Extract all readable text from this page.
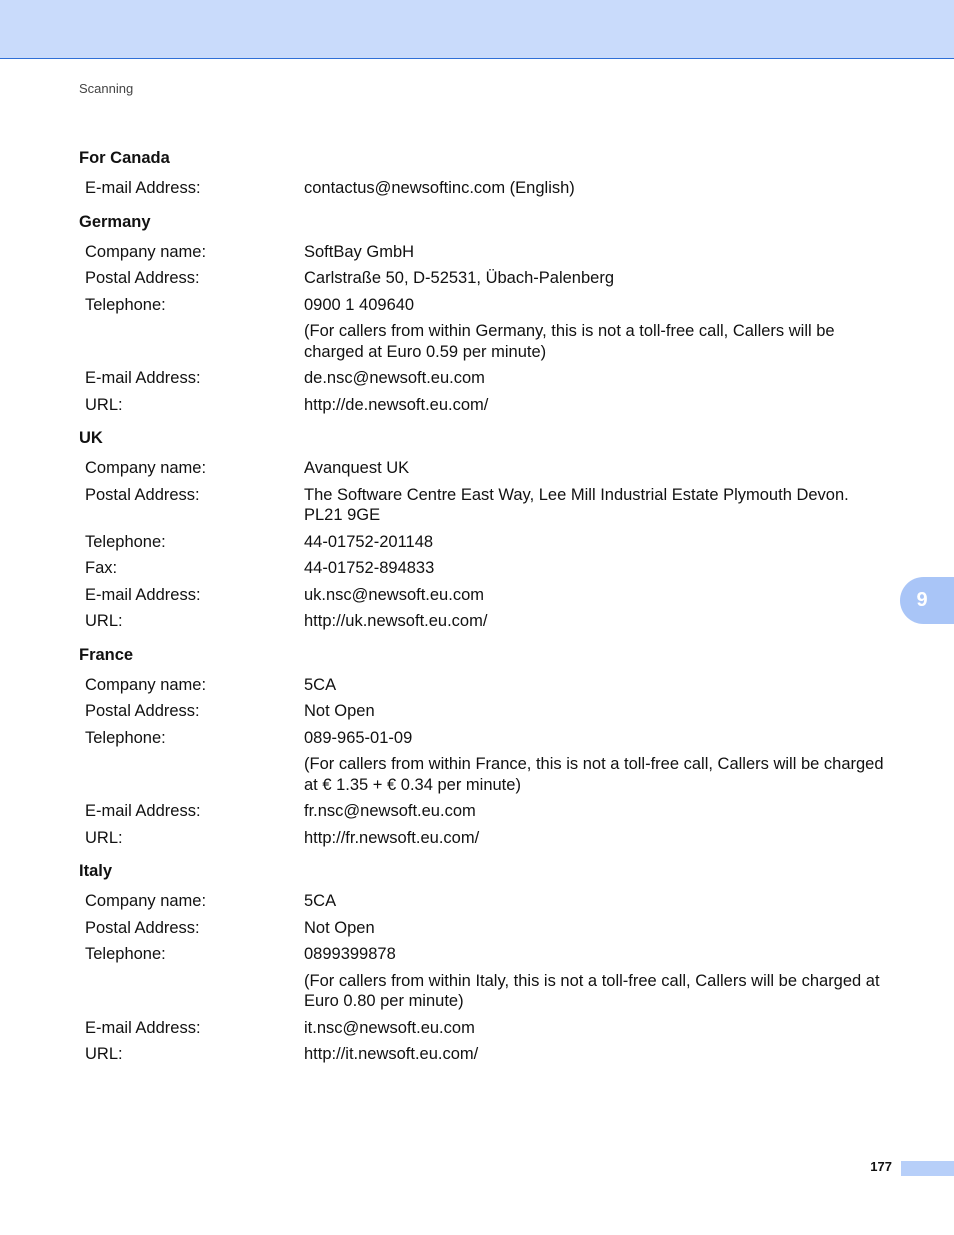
Scanning
For Canada
E-mail Address:	contactus@newsoftinc.com (English)
Germany
Company name:	SoftBay GmbH
Postal Address:	Carlstraße 50, D-52531, Übach-Palenberg
Telephone:	0900 1 409640
(For callers from within Germany, this is not a toll-free call, Callers will be charged at Euro 0.59 per minute)
E-mail Address:	de.nsc@newsoft.eu.com
URL:	http://de.newsoft.eu.com/
UK
Company name:	Avanquest UK
Postal Address:	The Software Centre East Way, Lee Mill Industrial Estate Plymouth Devon. PL21 9GE
Telephone:	44-01752-201148
Fax:	44-01752-894833
E-mail Address:	uk.nsc@newsoft.eu.com
URL:	http://uk.newsoft.eu.com/
France
Company name:	5CA
Postal Address:	Not Open
Telephone:	089-965-01-09
(For callers from within France, this is not a toll-free call, Callers will be charged at € 1.35 + € 0.34 per minute)
E-mail Address:	fr.nsc@newsoft.eu.com
URL:	http://fr.newsoft.eu.com/
Italy
Company name:	5CA
Postal Address:	Not Open
Telephone:	0899399878
(For callers from within Italy, this is not a toll-free call, Callers will be charged at Euro 0.80 per minute)
E-mail Address:	it.nsc@newsoft.eu.com
URL:	http://it.newsoft.eu.com/
9
177
